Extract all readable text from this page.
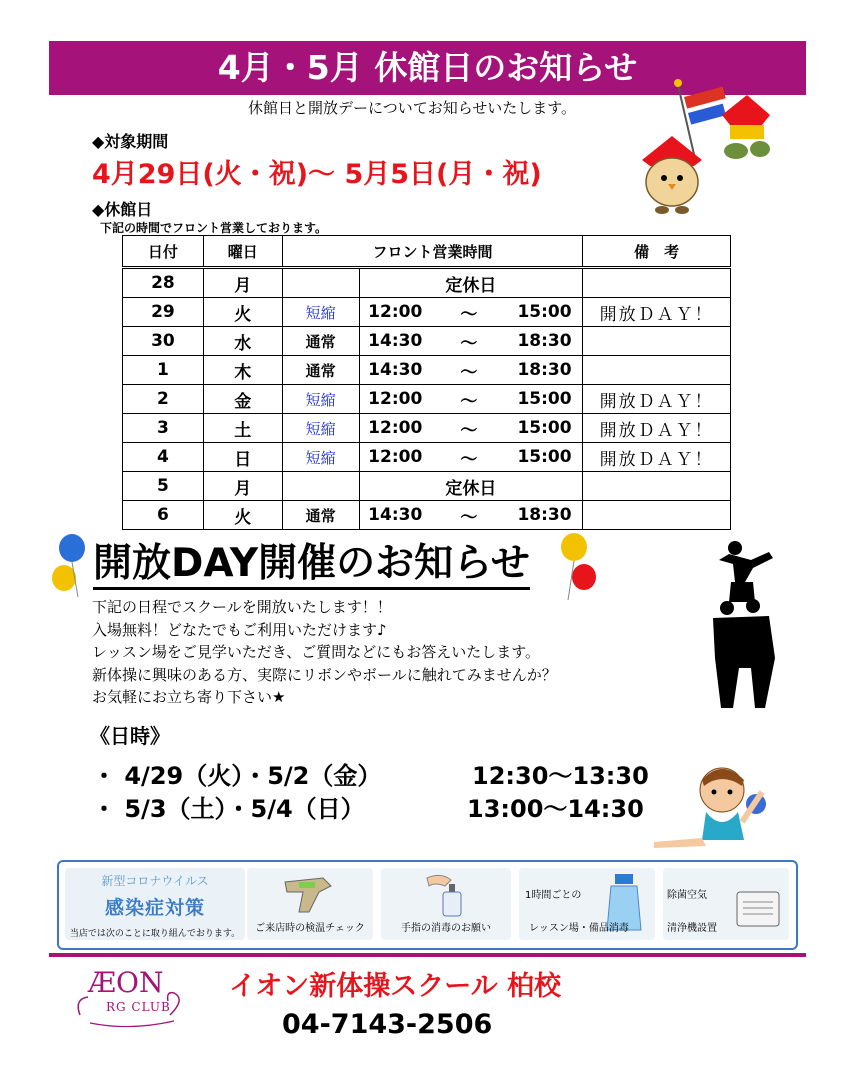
4月・5月 休館日のお知らせ
休館日と開放デーについてお知らせいたします。
◆対象期間
4月29日(火・祝)～ 5月5日(月・祝)
◆休館日
下記の時間でフロント営業しております。
日付	曜日	フロント営業時間				備　考
28	月		定休日			
29	火	短縮	12:00	～	15:00	開放ＤＡＹ！
30	水	通常	14:30	～	18:30	
1	木	通常	14:30	～	18:30	
2	金	短縮	12:00	～	15:00	開放ＤＡＹ！
3	土	短縮	12:00	～	15:00	開放ＤＡＹ！
4	日	短縮	12:00	～	15:00	開放ＤＡＹ！
5	月		定休日			
6	火	通常	14:30	～	18:30	
開放DAY開催のお知らせ
下記の日程でスクールを開放いたします！！
入場無料！どなたでもご利用いただけます♪
レッスン場をご見学いただき、ご質問などにもお答えいたします。
新体操に興味のある方、実際にリボンやボールに触れてみませんか？
お気軽にお立ち寄り下さい★
《日時》
・ 4/29（火）・5/2（金）	12:30～13:30
・ 5/3（土）・5/4（日）	13:00～14:30
新型コロナウイルス
感染症対策
当店では次のことに取り組んでおります。	ご来店時の検温チェック	手指の消毒のお願い
1時間ごとの
レッスン場・備品消毒
除菌空気
清浄機設置
ÆON
RG CLUB
イオン新体操スクール 柏校
04-7143-2506
